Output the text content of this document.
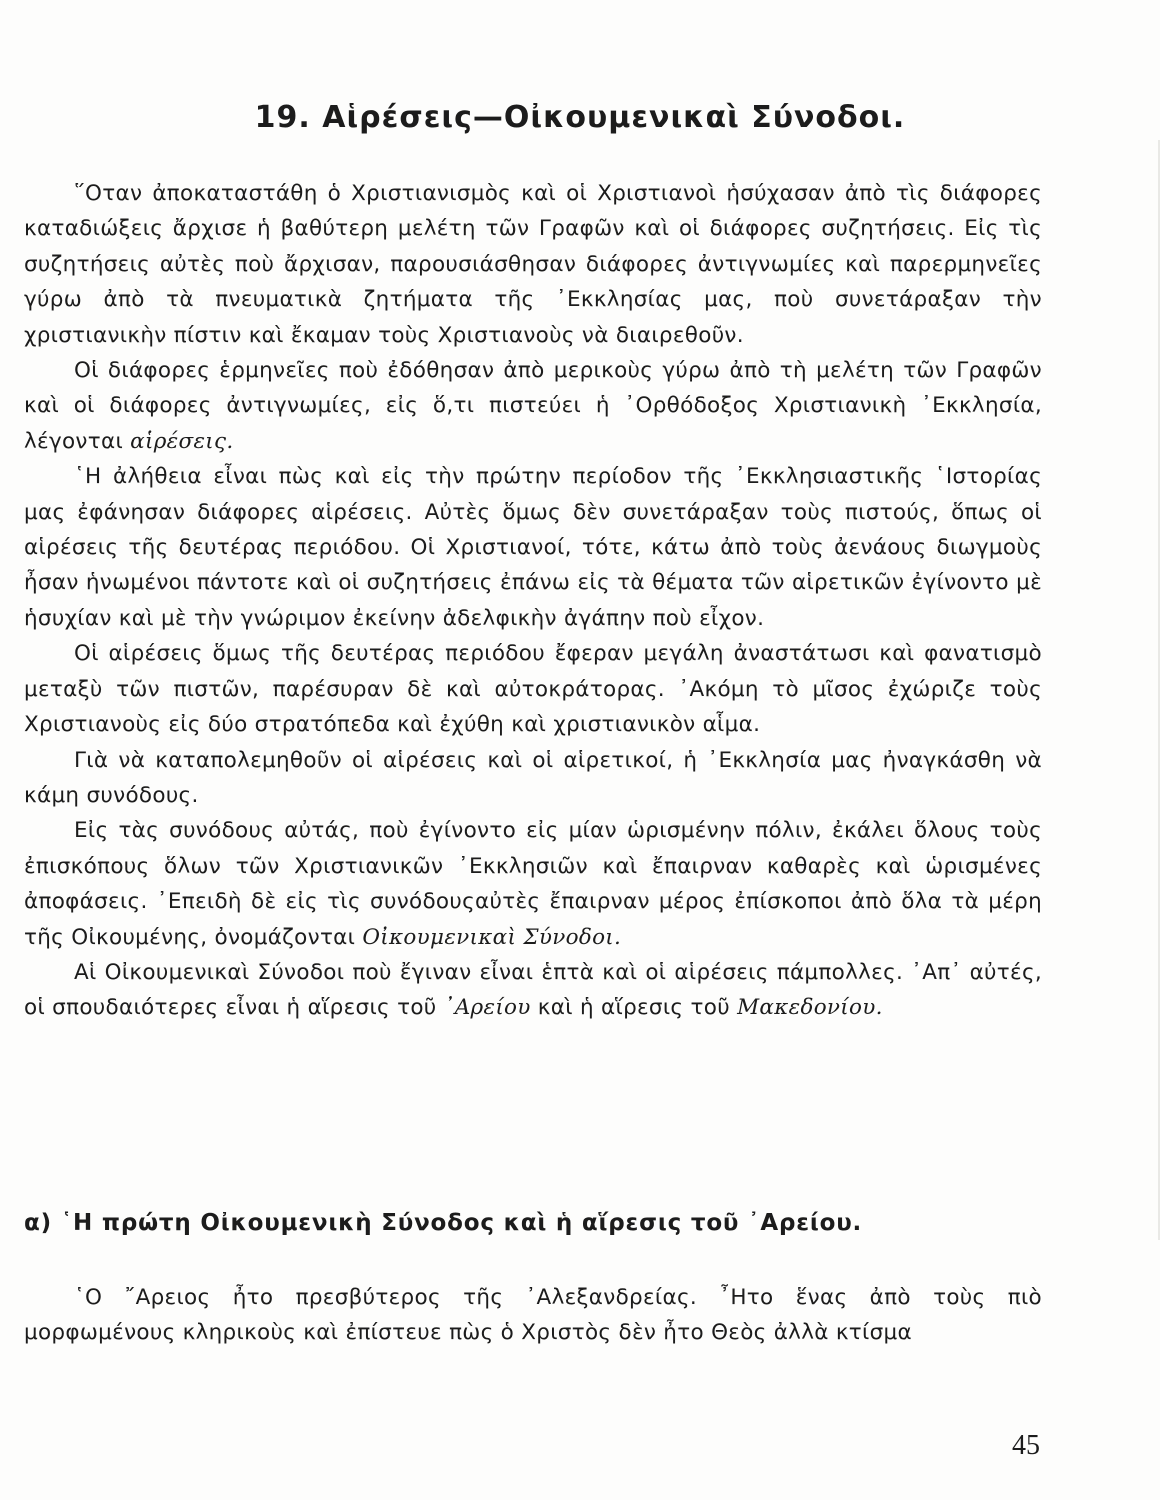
19. Αἱρέσεις—Οἰκουμενικαὶ Σύνοδοι.

῞Οταν ἀποκαταστάθη ὁ Χριστιανισμὸς καὶ οἱ Χριστιανοὶ ἡσύχασαν ἀπὸ τὶς διάφορες καταδιώξεις ἄρχισε ἡ βαθύτερη μελέτη τῶν Γραφῶν καὶ οἱ διάφορες συζητήσεις. Εἰς τὶς συζητήσεις αὐτὲς ποὺ ἄρχισαν, παρουσιάσθησαν διάφορες ἀντιγνωμίες καὶ παρερμηνεῖες γύρω ἀπὸ τὰ πνευματικὰ ζητήματα τῆς ᾿Εκκλησίας μας, ποὺ συνετάραξαν τὴν χριστιανικὴν πίστιν καὶ ἔκαμαν τοὺς Χριστιανοὺς νὰ διαιρεθοῦν.

Οἱ διάφορες ἑρμηνεῖες ποὺ ἐδόθησαν ἀπὸ μερικοὺς γύρω ἀπὸ τὴ μελέτη τῶν Γραφῶν καὶ οἱ διάφορες ἀντιγνωμίες, εἰς ὅ,τι πιστεύει ἡ ᾿Ορθόδοξος Χριστιανικὴ ᾿Εκκλησία, λέγονται αἱρέσεις.

῾Η ἀλήθεια εἶναι πὼς καὶ εἰς τὴν πρώτην περίοδον τῆς ᾿Εκκλησιαστικῆς ῾Ιστορίας μας ἐφάνησαν διάφορες αἱρέσεις. Αὐτὲς ὅμως δὲν συνετάραξαν τοὺς πιστούς, ὅπως οἱ αἱρέσεις τῆς δευτέρας περιόδου. Οἱ Χριστιανοί, τότε, κάτω ἀπὸ τοὺς ἀενάους διωγμοὺς ἦσαν ἡνωμένοι πάντοτε καὶ οἱ συζητήσεις ἐπάνω εἰς τὰ θέματα τῶν αἱρετικῶν ἐγίνοντο μὲ ἡσυχίαν καὶ μὲ τὴν γνώριμον ἐκείνην ἀδελφικὴν ἀγάπην ποὺ εἶχον.

Οἱ αἱρέσεις ὅμως τῆς δευτέρας περιόδου ἔφεραν μεγάλη ἀναστάτωσι καὶ φανατισμὸ μεταξὺ τῶν πιστῶν, παρέσυραν δὲ καὶ αὐτοκράτορας. ᾿Ακόμη τὸ μῖσος ἐχώριζε τοὺς Χριστιανοὺς εἰς δύο στρατόπεδα καὶ ἐχύθη καὶ χριστιανικὸν αἷμα.

Γιὰ νὰ καταπολεμηθοῦν οἱ αἱρέσεις καὶ οἱ αἱρετικοί, ἡ ᾿Εκκλησία μας ἠναγκάσθη νὰ κάμη συνόδους.

Εἰς τὰς συνόδους αὐτάς, ποὺ ἐγίνοντο εἰς μίαν ὡρισμένην πόλιν, ἐκάλει ὅλους τοὺς ἐπισκόπους ὅλων τῶν Χριστιανικῶν ᾿Εκκλησιῶν καὶ ἔπαιρναν καθαρὲς καὶ ὡρισμένες ἀποφάσεις. ᾿Επειδὴ δὲ εἰς τὶς συνόδουςαὐτὲς ἔπαιρναν μέρος ἐπίσκοποι ἀπὸ ὅλα τὰ μέρη τῆς Οἰκουμένης, ὀνομάζονται Οἰκουμενικαὶ Σύνοδοι.

Αἱ Οἰκουμενικαὶ Σύνοδοι ποὺ ἔγιναν εἶναι ἑπτὰ καὶ οἱ αἱρέσεις πάμπολλες. ᾿Απ᾿ αὐτές, οἱ σπουδαιότερες εἶναι ἡ αἵρεσις τοῦ ᾿Αρείου καὶ ἡ αἵρεσις τοῦ Μακεδονίου.

α) ῾Η πρώτη Οἰκουμενικὴ Σύνοδος καὶ ἡ αἵρεσις τοῦ ᾿Αρείου.

῾Ο ῎Αρειος ἦτο πρεσβύτερος τῆς ᾿Αλεξανδρείας. ῏Ητο ἕνας ἀπὸ τοὺς πιὸ μορφωμένους κληρικοὺς καὶ ἐπίστευε πὼς ὁ Χριστὸς δὲν ἦτο Θεὸς ἀλλὰ κτίσμα

45
